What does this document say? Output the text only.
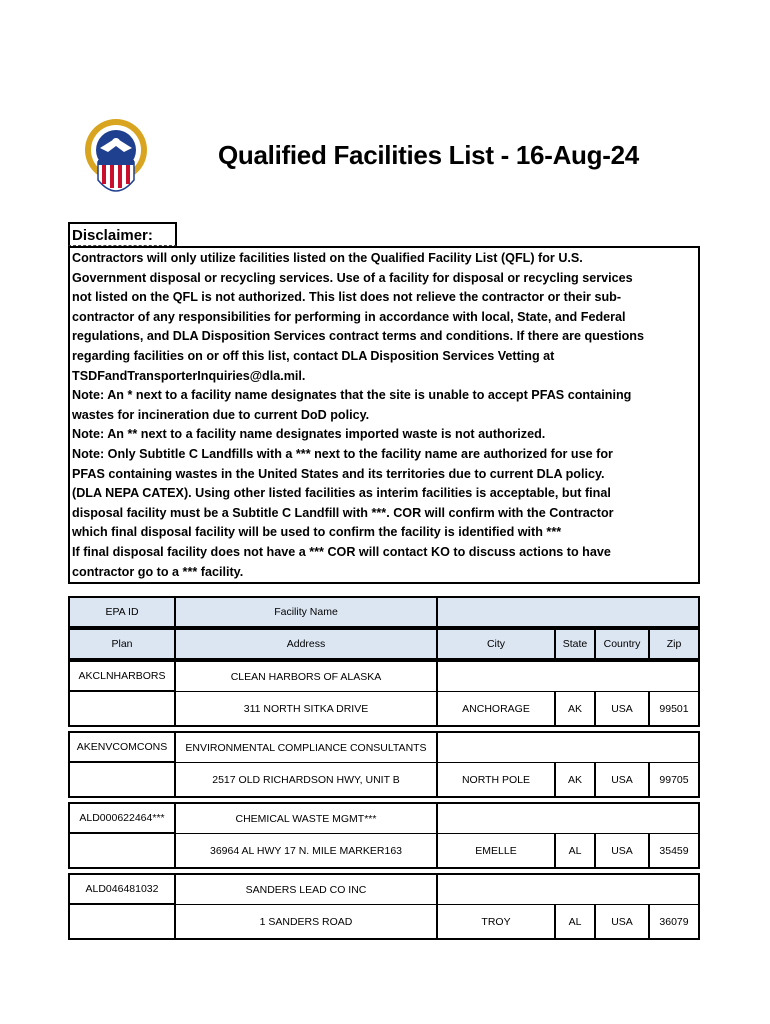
Qualified Facilities List - 16-Aug-24
Disclaimer:

Contractors will only utilize facilities listed on the Qualified Facility List (QFL) for U.S.

Government disposal or recycling services. Use of a facility for disposal or recycling services

not listed on the QFL is not authorized. This list does not relieve the contractor or their sub-

contractor of any responsibilities for performing in accordance with local, State, and Federal

regulations, and DLA Disposition Services contract terms and conditions. If there are questions

regarding facilities on or off this list, contact DLA Disposition Services Vetting at

TSDFandTransporterInquiries@dla.mil.

Note: An * next to a facility name designates that the site is unable to accept PFAS containing

wastes for incineration due to current DoD policy.

Note: An ** next to a facility name designates imported waste is not authorized.

Note: Only Subtitle C Landfills with a *** next to the facility name are authorized for use for

PFAS containing wastes in the United States and its territories due to current DLA policy.

(DLA NEPA CATEX). Using other listed facilities as interim facilities is acceptable, but final

disposal facility must be a Subtitle C Landfill with ***. COR will confirm with the Contractor

which final disposal facility will be used to confirm the facility is identified with ***

If final disposal facility does not have a *** COR will contact KO to discuss actions to have

contractor go to a *** facility.

EPA ID	Facility Name
Plan	Address	City	State	Country	Zip
AKCLNHARBORS	CLEAN HARBORS OF ALASKA
311 NORTH SITKA DRIVE	ANCHORAGE	AK	USA	99501
AKENVCOMCONS	ENVIRONMENTAL COMPLIANCE CONSULTANTS
2517 OLD RICHARDSON HWY, UNIT B	NORTH POLE	AK	USA	99705
ALD000622464***	CHEMICAL WASTE MGMT***
36964 AL HWY 17 N. MILE MARKER163	EMELLE	AL	USA	35459
ALD046481032	SANDERS LEAD CO INC
1 SANDERS ROAD	TROY	AL	USA	36079
